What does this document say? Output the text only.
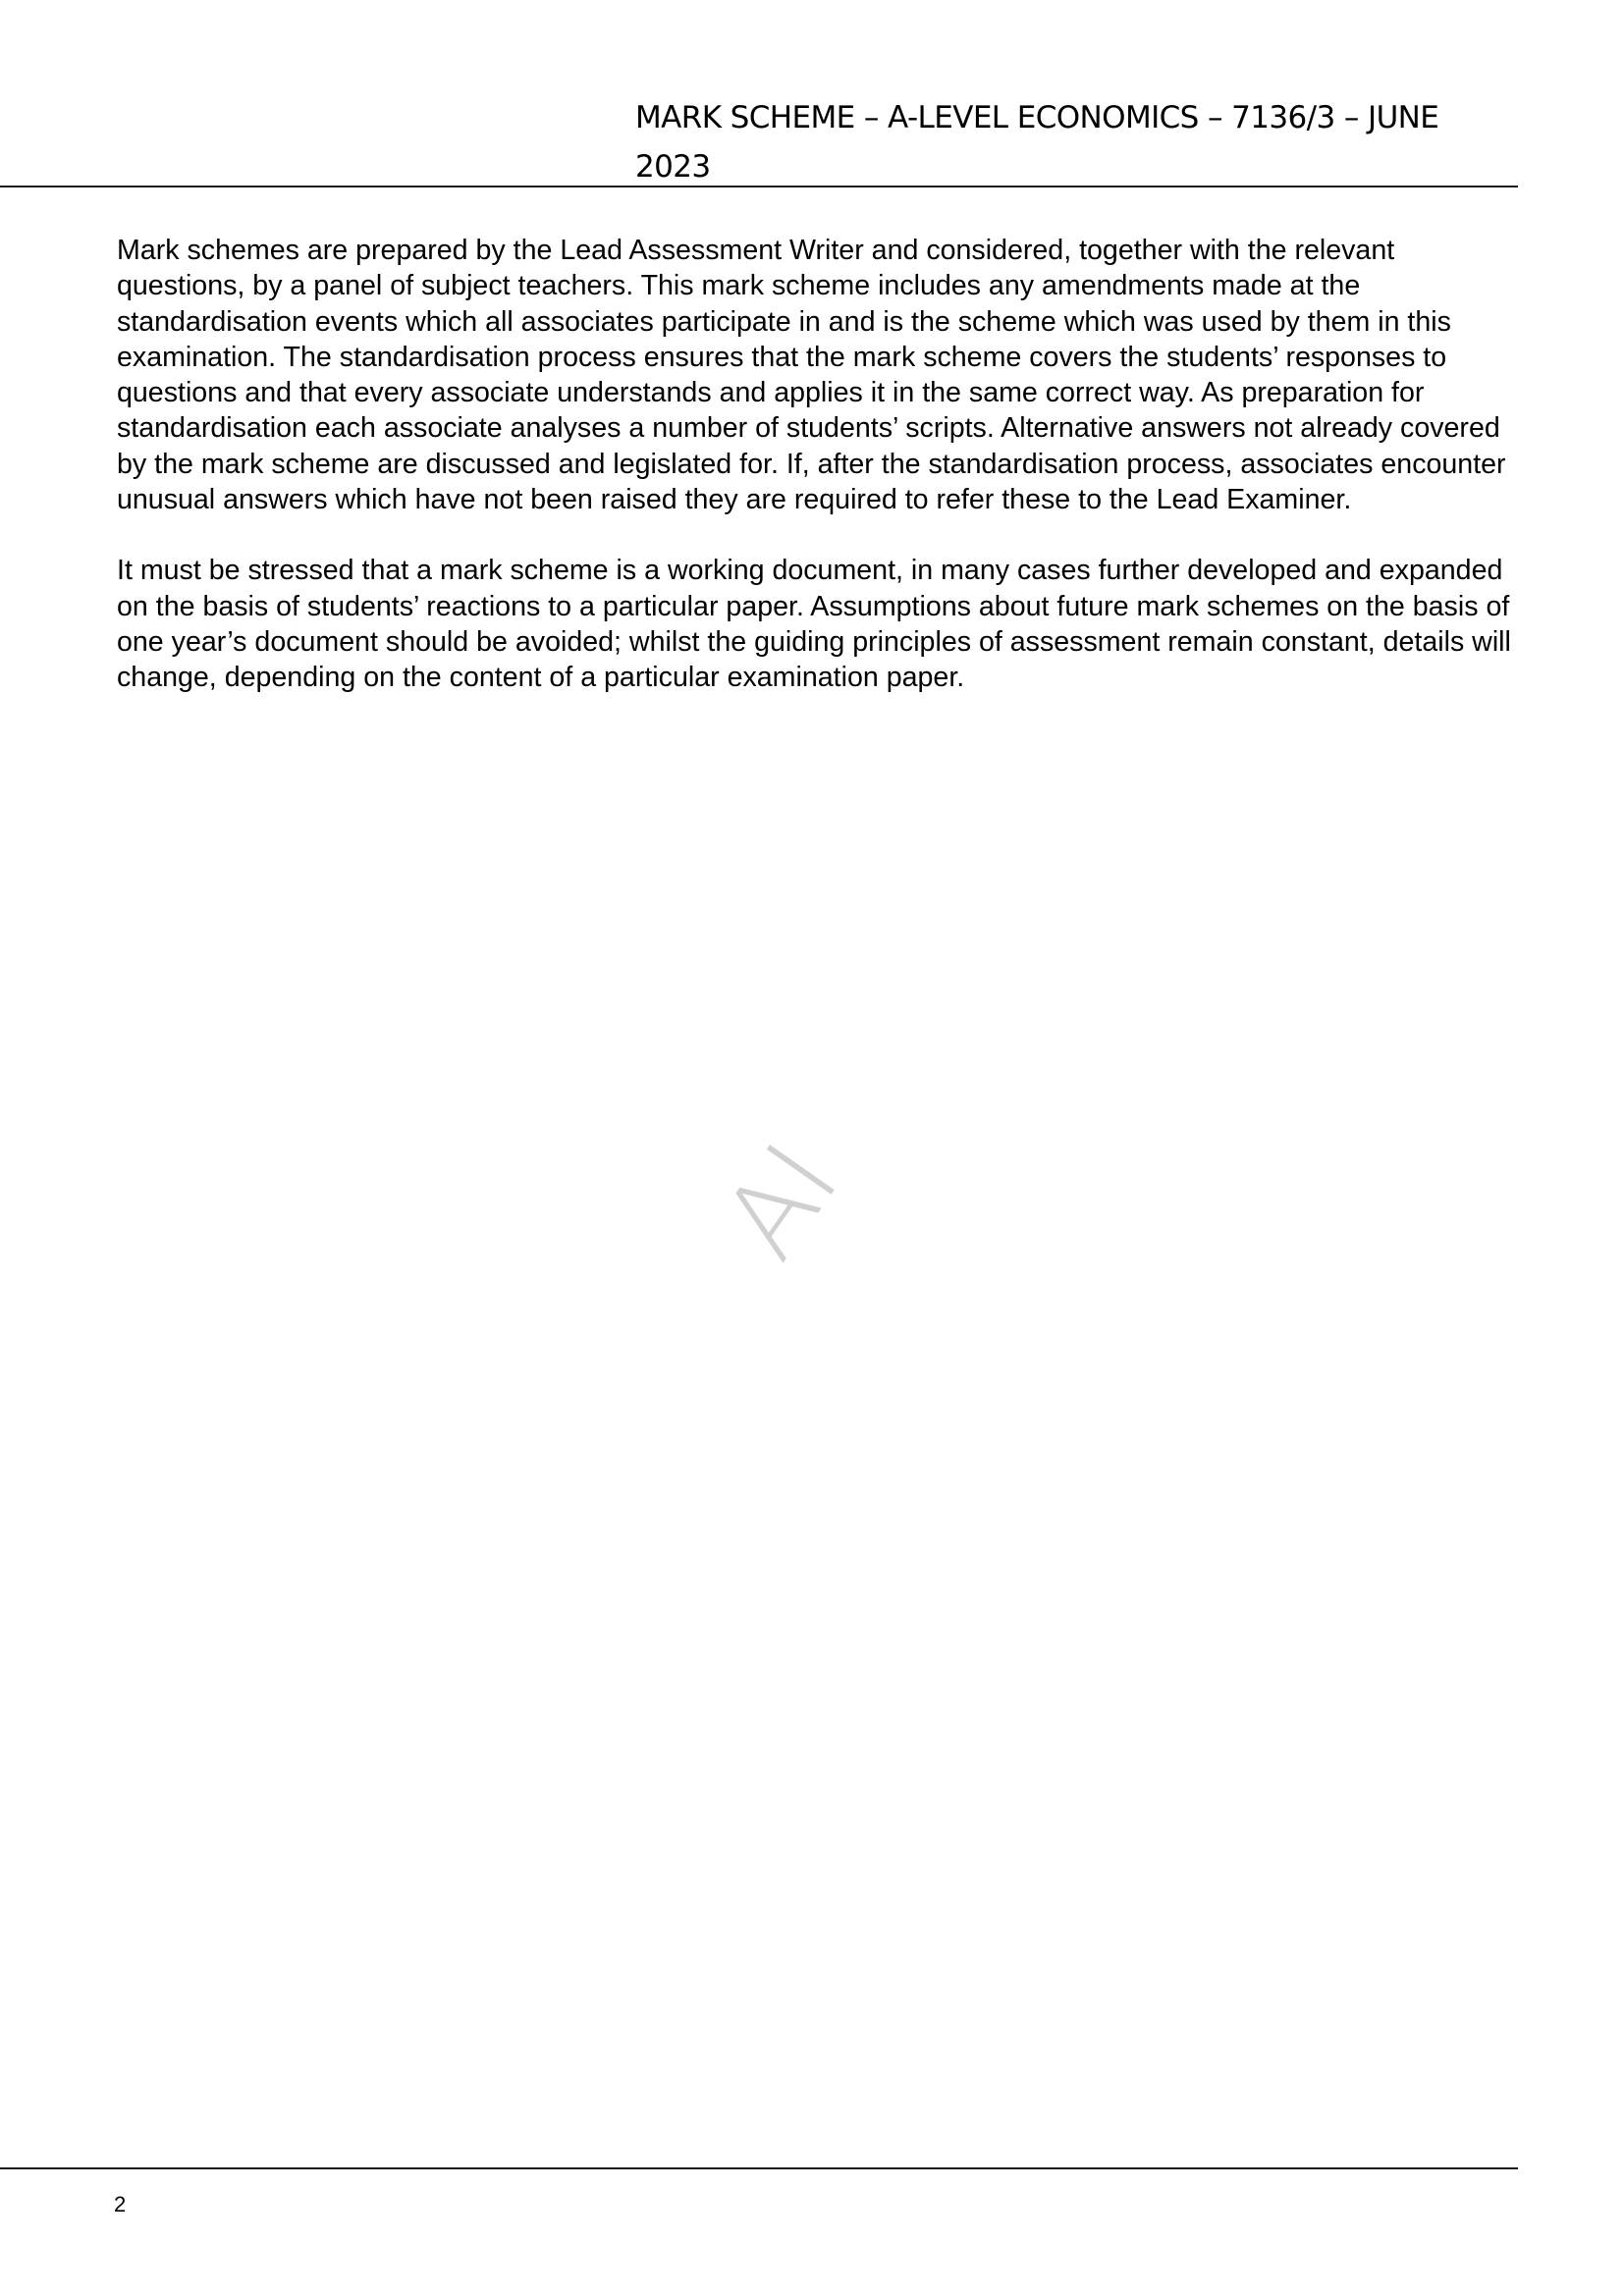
MARK SCHEME – A-LEVEL ECONOMICS – 7136/3 – JUNE 2023

Mark schemes are prepared by the Lead Assessment Writer and considered, together with the relevant questions, by a panel of subject teachers. This mark scheme includes any amendments made at the standardisation events which all associates participate in and is the scheme which was used by them in this examination. The standardisation process ensures that the mark scheme covers the students’ responses to questions and that every associate understands and applies it in the same correct way. As preparation for standardisation each associate analyses a number of students’ scripts. Alternative answers not already covered by the mark scheme are discussed and legislated for. If, after the standardisation process, associates encounter unusual answers which have not been raised they are required to refer these to the Lead Examiner.

It must be stressed that a mark scheme is a working document, in many cases further developed and expanded on the basis of students’ reactions to a particular paper. Assumptions about future mark schemes on the basis of one year’s document should be avoided; whilst the guiding principles of assessment remain constant, details will change, depending on the content of a particular examination paper.

AI
2
